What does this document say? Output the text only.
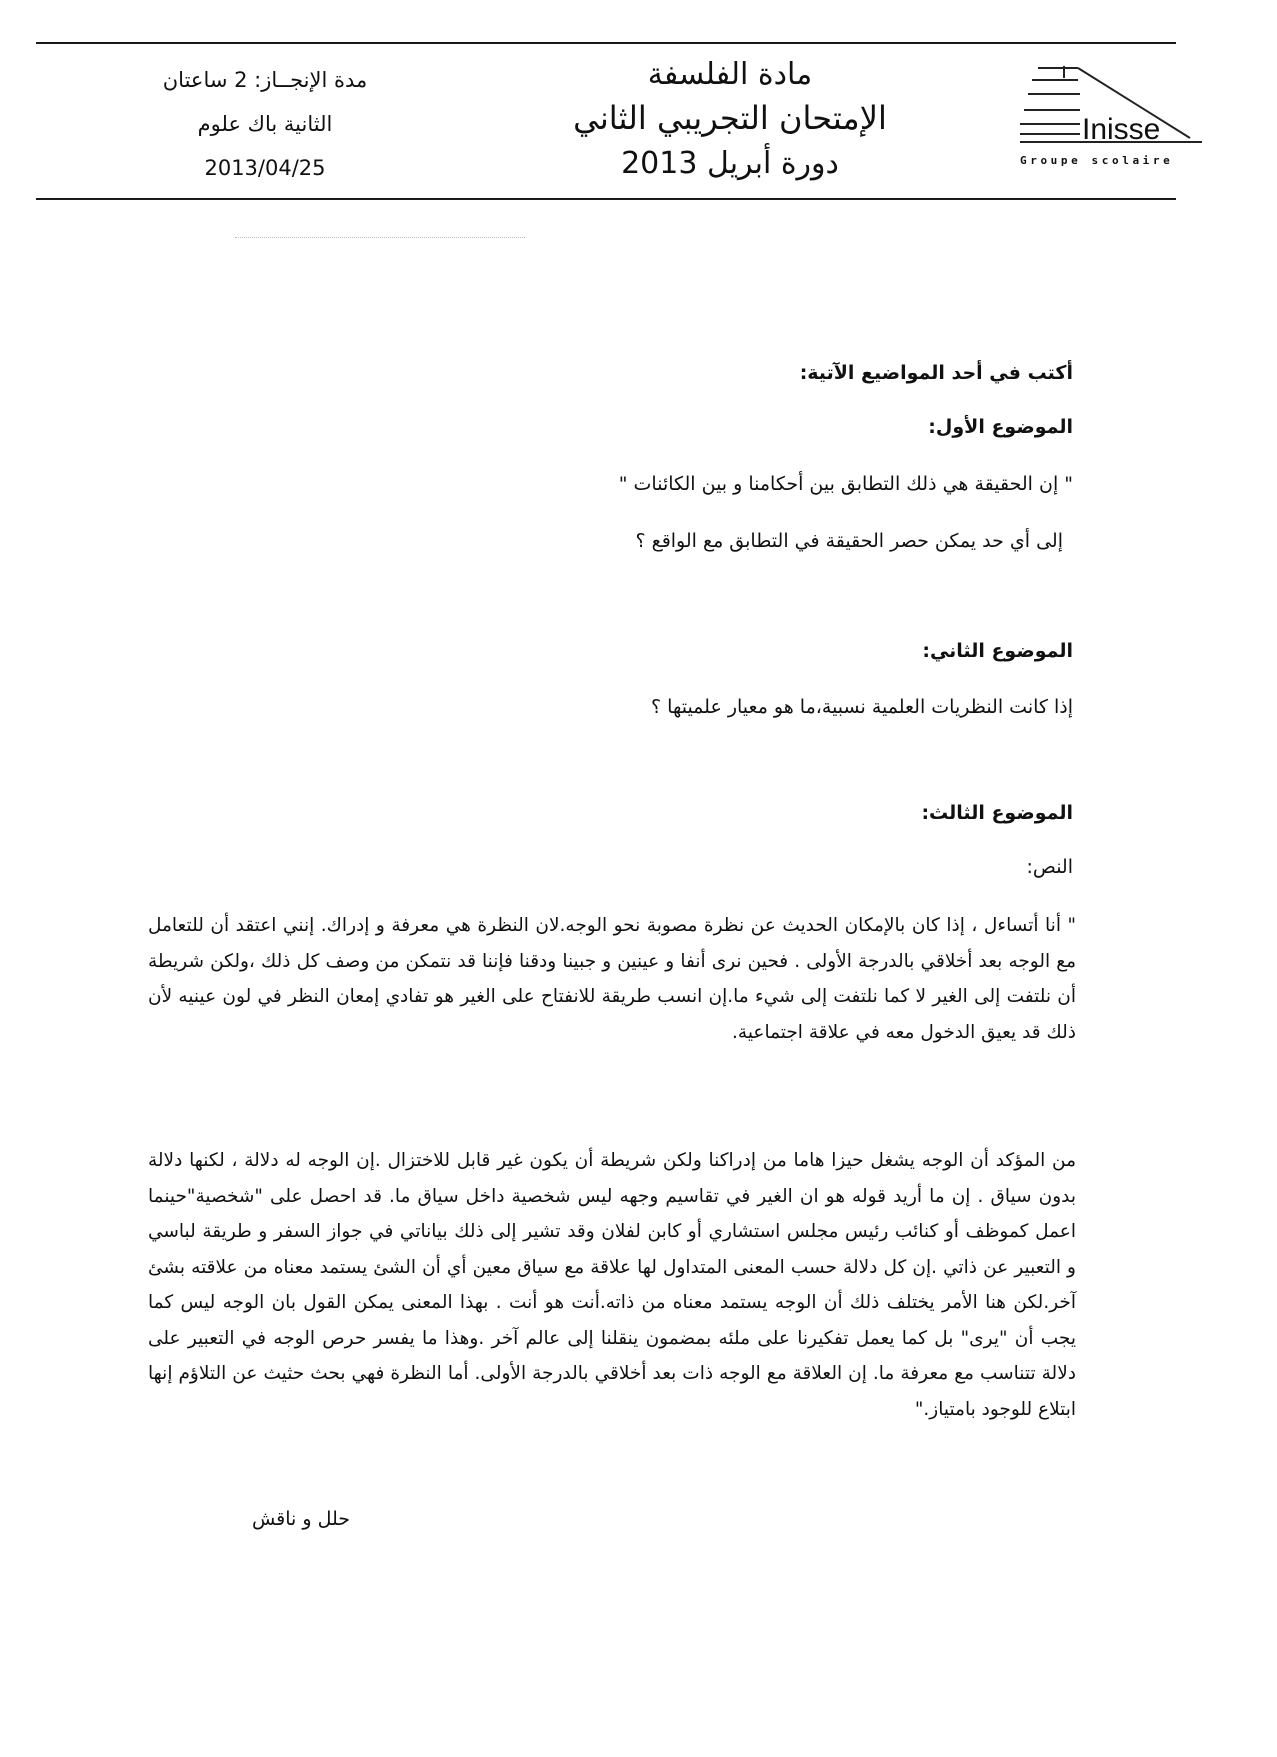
Inisse
Groupe scolaire
مادة الفلسفة
الإمتحان التجريبي الثاني
دورة أبريل 2013
مدة الإنجــاز: 2 ساعتان
الثانية باك علوم
2013/04/25
أكتب في أحد المواضيع الآتية:
الموضوع الأول:
" إن الحقيقة هي ذلك التطابق بين أحكامنا و بين الكائنات "
إلى أي حد يمكن حصر الحقيقة في التطابق مع الواقع ؟
الموضوع الثاني:
إذا كانت النظريات العلمية نسبية،ما هو معيار علميتها ؟
الموضوع الثالث:
النص:
" أنا أتساءل ، إذا كان بالإمكان الحديث عن نظرة مصوبة نحو الوجه.لان النظرة هي معرفة و إدراك. إنني اعتقد أن للتعامل مع الوجه بعد أخلاقي بالدرجة الأولى . فحين نرى أنفا و عينين و جبينا ودقنا فإننا قد نتمكن من وصف كل ذلك ،ولكن شريطة أن نلتفت إلى الغير لا كما نلتفت إلى شيء ما.إن انسب طريقة للانفتاح على الغير هو تفادي إمعان النظر في لون عينيه لأن ذلك قد يعيق الدخول معه في علاقة اجتماعية.
من المؤكد أن الوجه يشغل حيزا هاما من إدراكنا ولكن شريطة أن يكون غير قابل للاختزال .إن الوجه له دلالة ، لكنها دلالة بدون سياق . إن ما أريد قوله هو ان الغير في تقاسيم وجهه ليس شخصية داخل سياق ما. قد احصل على "شخصية"حينما اعمل كموظف أو كنائب رئيس مجلس استشاري أو كابن لفلان وقد تشير إلى ذلك بياناتي في جواز السفر و طريقة لباسي و التعبير عن ذاتي .إن كل دلالة حسب المعنى المتداول لها علاقة مع سياق معين أي أن الشئ يستمد معناه من علاقته بشئ آخر.لكن هنا الأمر يختلف ذلك أن الوجه يستمد معناه من ذاته.أنت هو أنت . بهذا المعنى يمكن القول بان الوجه ليس كما يجب أن "يرى" بل كما يعمل تفكيرنا على ملئه بمضمون ينقلنا إلى عالم آخر .وهذا ما يفسر حرص الوجه في التعبير على دلالة تتناسب مع معرفة ما. إن العلاقة مع الوجه ذات بعد أخلاقي بالدرجة الأولى. أما النظرة فهي بحث حثيث عن التلاؤم إنها ابتلاع للوجود بامتياز."
حلل و ناقش
